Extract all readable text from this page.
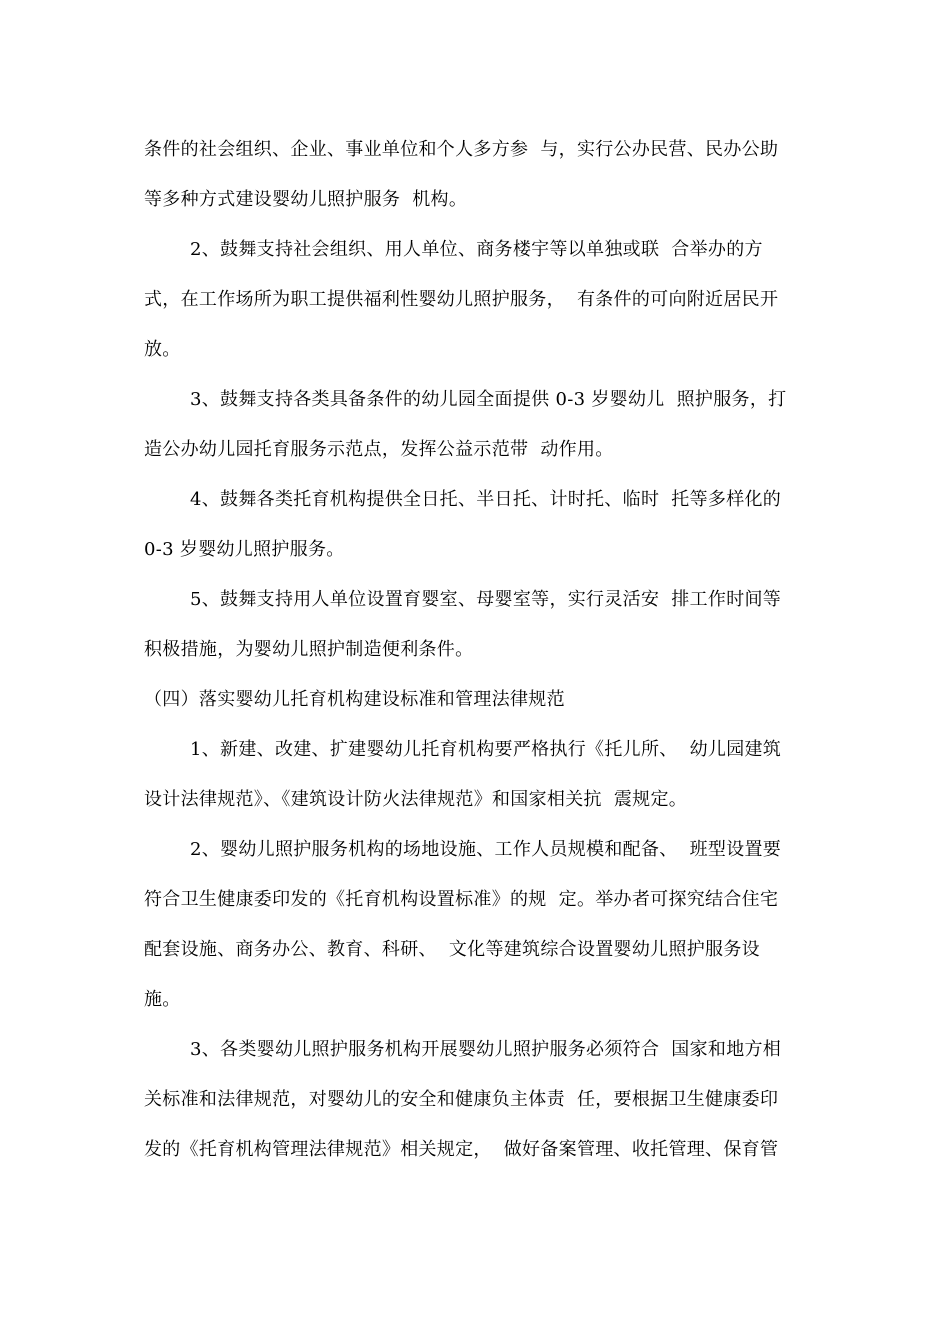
条件的社会组织、企业、事业单位和个人多方参  与，实行公办民营、民办公助
等多种方式建设婴幼儿照护服务  机构。
2、鼓舞支持社会组织、用人单位、商务楼宇等以单独或联  合举办的方
式，在工作场所为职工提供福利性婴幼儿照护服务，  有条件的可向附近居民开
放。
3、鼓舞支持各类具备条件的幼儿园全面提供 0-3 岁婴幼儿  照护服务，打
造公办幼儿园托育服务示范点，发挥公益示范带  动作用。
4、鼓舞各类托育机构提供全日托、半日托、计时托、临时  托等多样化的
0-3 岁婴幼儿照护服务。
5、鼓舞支持用人单位设置育婴室、母婴室等，实行灵活安  排工作时间等
积极措施，为婴幼儿照护制造便利条件。
（四）落实婴幼儿托育机构建设标准和管理法律规范
1、新建、改建、扩建婴幼儿托育机构要严格执行《托儿所、  幼儿园建筑
设计法律规范》、《建筑设计防火法律规范》和国家相关抗  震规定。
2、婴幼儿照护服务机构的场地设施、工作人员规模和配备、  班型设置要
符合卫生健康委印发的《托育机构设置标准》的规  定。举办者可探究结合住宅
配套设施、商务办公、教育、科研、  文化等建筑综合设置婴幼儿照护服务设
施。
3、各类婴幼儿照护服务机构开展婴幼儿照护服务必须符合  国家和地方相
关标准和法律规范，对婴幼儿的安全和健康负主体责  任，要根据卫生健康委印
发的《托育机构管理法律规范》相关规定，  做好备案管理、收托管理、保育管
